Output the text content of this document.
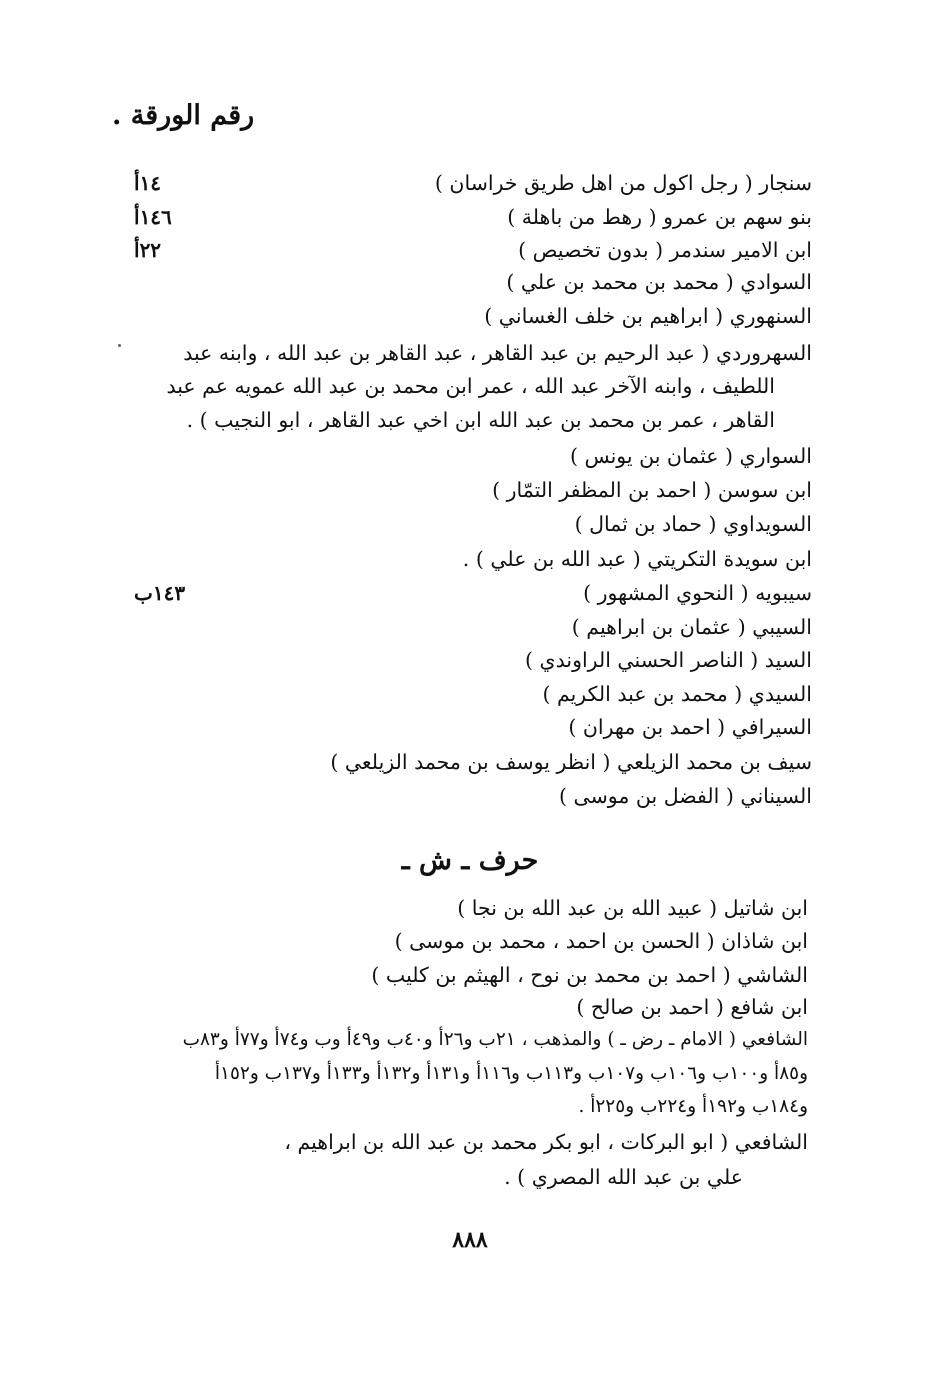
رقم الورقة .
سنجار ( رجل اكول من اهل طريق خراسان )
١٤أ
بنو سهم بن عمرو ( رهط من باهلة )
١٤٦أ
ابن الامير سندمر ( بدون تخصيص )
٢٢أ
السوادي ( محمد بن محمد بن علي )
السنهوري ( ابراهيم بن خلف الغساني )
السهروردي ( عبد الرحيم بن عبد القاهر ، عبد القاهر بن عبد الله ، وابنه عبد
اللطيف ، وابنه الآخر عبد الله ، عمر ابن محمد بن عبد الله عمويه عم عبد
القاهر ، عمر بن محمد بن عبد الله ابن اخي عبد القاهر ، ابو النجيب ) .
السواري ( عثمان بن يونس )
ابن سوسن ( احمد بن المظفر التمّار )
السويداوي ( حماد بن ثمال )
ابن سويدة التكريتي ( عبد الله بن علي ) .
سيبويه ( النحوي المشهور )
١٤٣ب
السيبي ( عثمان بن ابراهيم )
السيد ( الناصر الحسني الراوندي )
السيدي ( محمد بن عبد الكريم )
السيرافي ( احمد بن مهران )
سيف بن محمد الزيلعي ( انظر يوسف بن محمد الزيلعي )
السيناني ( الفضل بن موسى )
حرف ـ ش ـ
ابن شاتيل ( عبيد الله بن عبد الله بن نجا )
ابن شاذان ( الحسن بن احمد ، محمد بن موسى )
الشاشي ( احمد بن محمد بن نوح ، الهيثم بن كليب )
ابن شافع ( احمد بن صالح )
الشافعي ( الامام ـ رض ـ ) والمذهب ، ٢١ب و٢٦أ و٤٠ب و٤٩أ وب و٧٤أ و٧٧أ و٨٣ب
و٨٥أ و١٠٠ب و١٠٦ب و١٠٧ب و١١٣ب و١١٦أ و١٣١أ و١٣٢أ و١٣٣أ و١٣٧ب و١٥٢أ
و١٨٤ب و١٩٢أ و٢٢٤ب و٢٢٥أ .
الشافعي ( ابو البركات ، ابو بكر محمد بن عبد الله بن ابراهيم ،
علي بن عبد الله المصري ) .
٨٨٨
